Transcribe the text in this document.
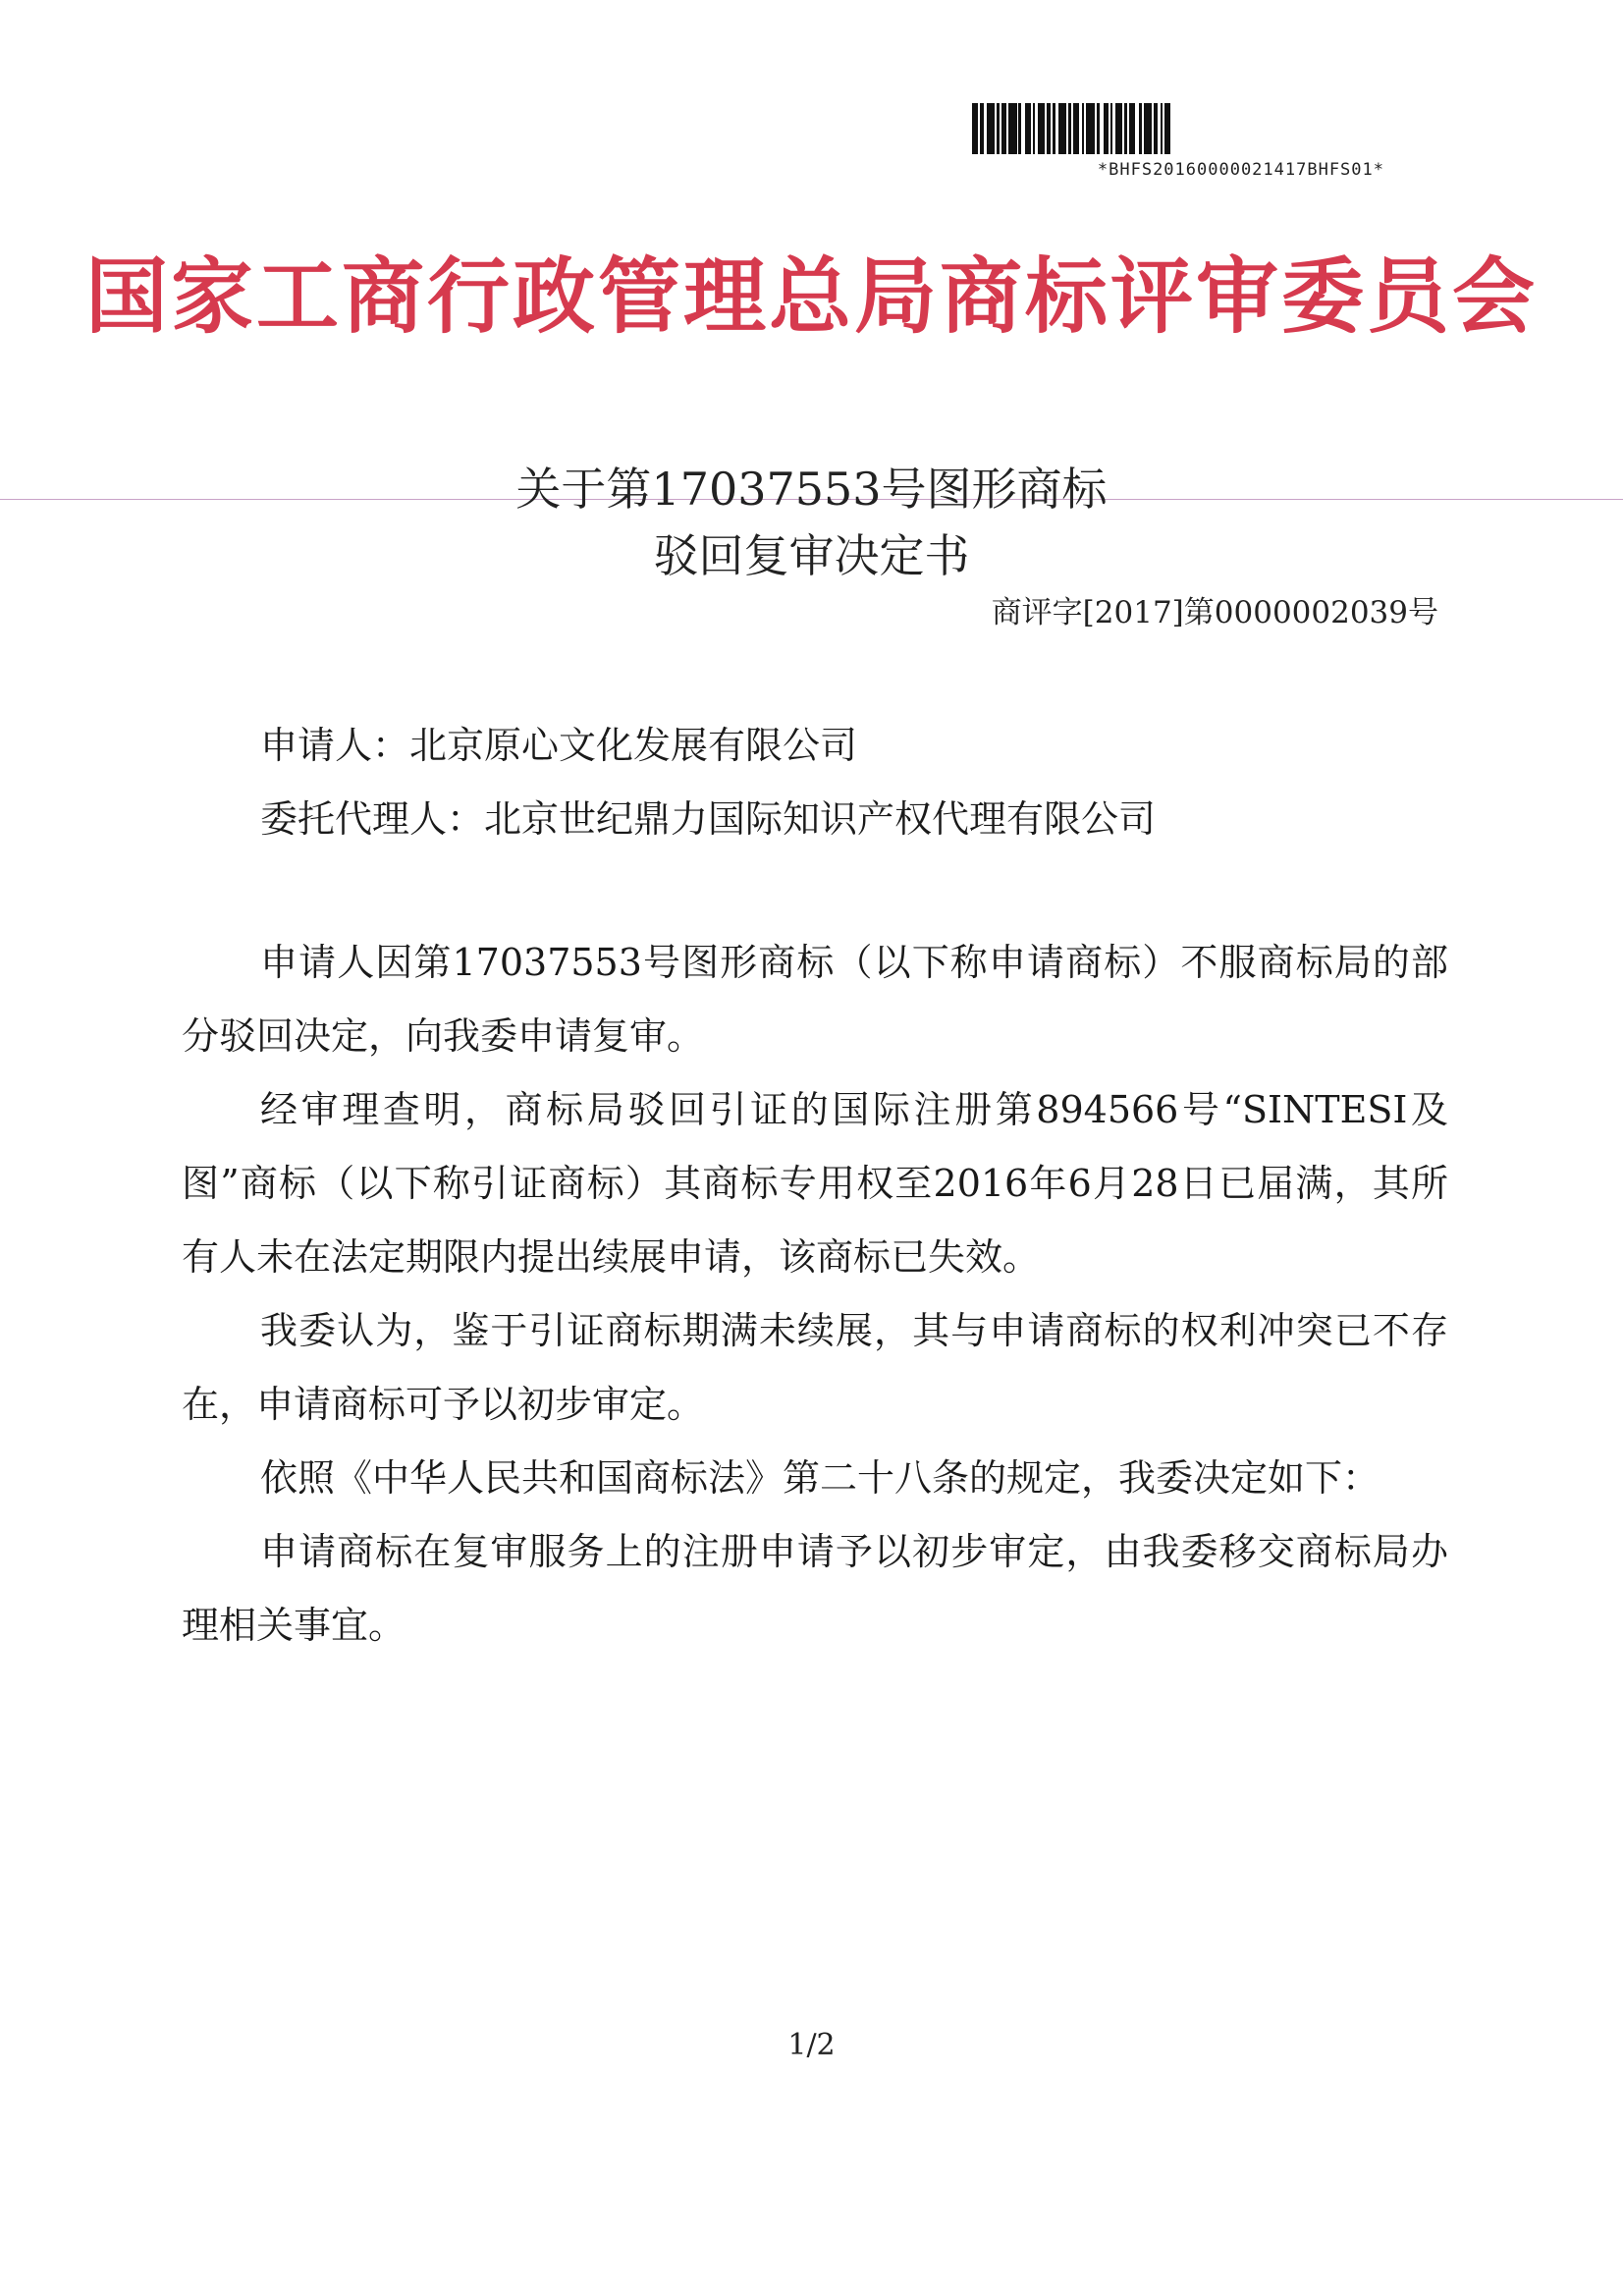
*BHFS20160000021417BHFS01*
国家工商行政管理总局商标评审委员会
关于第17037553号图形商标
驳回复审决定书
商评字[2017]第0000002039号
申请人：北京原心文化发展有限公司
委托代理人：北京世纪鼎力国际知识产权代理有限公司
申请人因第17037553号图形商标（以下称申请商标）不服商标局的部分驳回决定，向我委申请复审。
经审理查明，商标局驳回引证的国际注册第894566号“SINTESI及图”商标（以下称引证商标）其商标专用权至2016年6月28日已届满，其所有人未在法定期限内提出续展申请，该商标已失效。
我委认为，鉴于引证商标期满未续展，其与申请商标的权利冲突已不存在，申请商标可予以初步审定。
依照《中华人民共和国商标法》第二十八条的规定，我委决定如下：
申请商标在复审服务上的注册申请予以初步审定，由我委移交商标局办理相关事宜。
1/2
